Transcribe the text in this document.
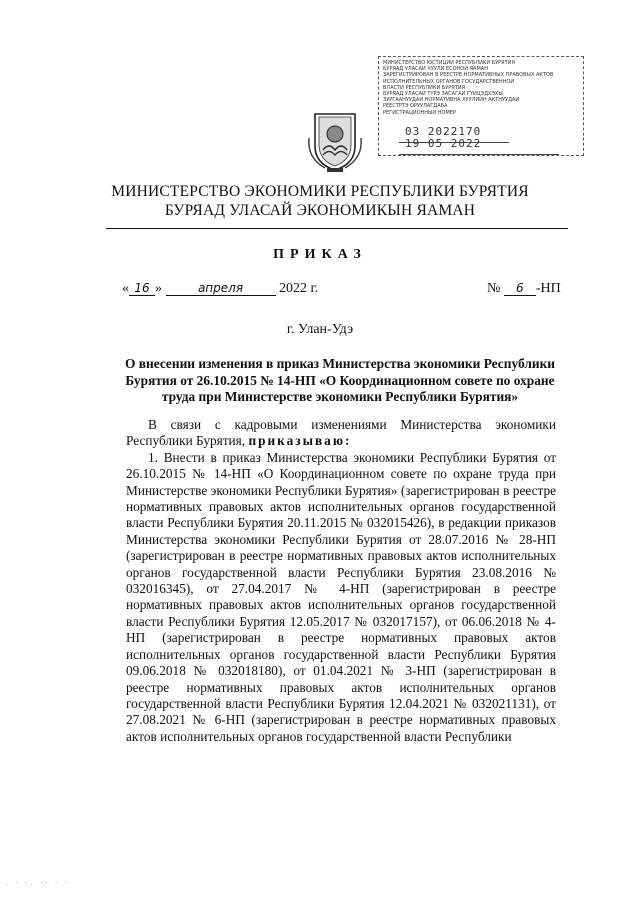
МИНИСТЕРСТВО ЮСТИЦИИ РЕСПУБЛИКИ БУРЯТИЯ
БУРЯАД УЛАСАЙ ХУУЛИ ЁСОНОЙ ЯАМАН
ЗАРЕГИСТРИРОВАН В РЕЕСТРЕ НОРМАТИВНЫХ ПРАВОВЫХ АКТОВ
ИСПОЛНИТЕЛЬНЫХ ОРГАНОВ ГОСУДАРСТВЕННОЙ
ВЛАСТИ РЕСПУБЛИКИ БУРЯТИЯ
БУРЯАД УЛАСАЙ ТҮРЭ ЗАСАГАЙ ГҮЙЦЭДХЭХЫ
ЗУРГААНУУДАЙ НОРМАТИВНА ХУУЛИИН АКТНУУДАЙ
РЕЕСТРТЭ ОРУУЛАГДАБА
РЕГИСТРАЦИОННЫЙ НОМЕР
03 2022170
19 05 2022
МИНИСТЕРСТВО ЭКОНОМИКИ РЕСПУБЛИКИ БУРЯТИЯ
БУРЯАД УЛАСАЙ ЭКОНОМИКЫН ЯАМАН
ПРИКАЗ
« 16 »	апреля	2022 г.	№ 6 -НП
г. Улан-Удэ
О внесении изменения в приказ Министерства экономики Республики Бурятия от 26.10.2015 № 14-НП «О Координационном совете по охране труда при Министерстве экономики Республики Бурятия»

В связи с кадровыми изменениями Министерства экономики Республики Бурятия, приказываю:

1. Внести в приказ Министерства экономики Республики Бурятия от 26.10.2015 № 14-НП «О Координационном совете по охране труда при Министерстве экономики Республики Бурятия» (зарегистрирован в реестре нормативных правовых актов исполнительных органов государственной власти Республики Бурятия 20.11.2015 № 032015426), в редакции приказов Министерства экономики Республики Бурятия от 28.07.2016 № 28-НП (зарегистрирован в реестре нормативных правовых актов исполнительных органов государственной власти Республики Бурятия 23.08.2016 № 032016345), от 27.04.2017 № 4-НП (зарегистрирован в реестре нормативных правовых актов исполнительных органов государственной власти Республики Бурятия 12.05.2017 № 032017157), от 06.06.2018 № 4-НП (зарегистрирован в реестре нормативных правовых актов исполнительных органов государственной власти Республики Бурятия 09.06.2018 № 032018180), от 01.04.2021 № 3-НП (зарегистрирован в реестре нормативных правовых актов исполнительных органов государственной власти Республики Бурятия 12.04.2021 № 032021131), от 27.08.2021 № 6-НП (зарегистрирован в реестре нормативных правовых актов исполнительных органов государственной власти Республики

. · ·. ·· · ·
